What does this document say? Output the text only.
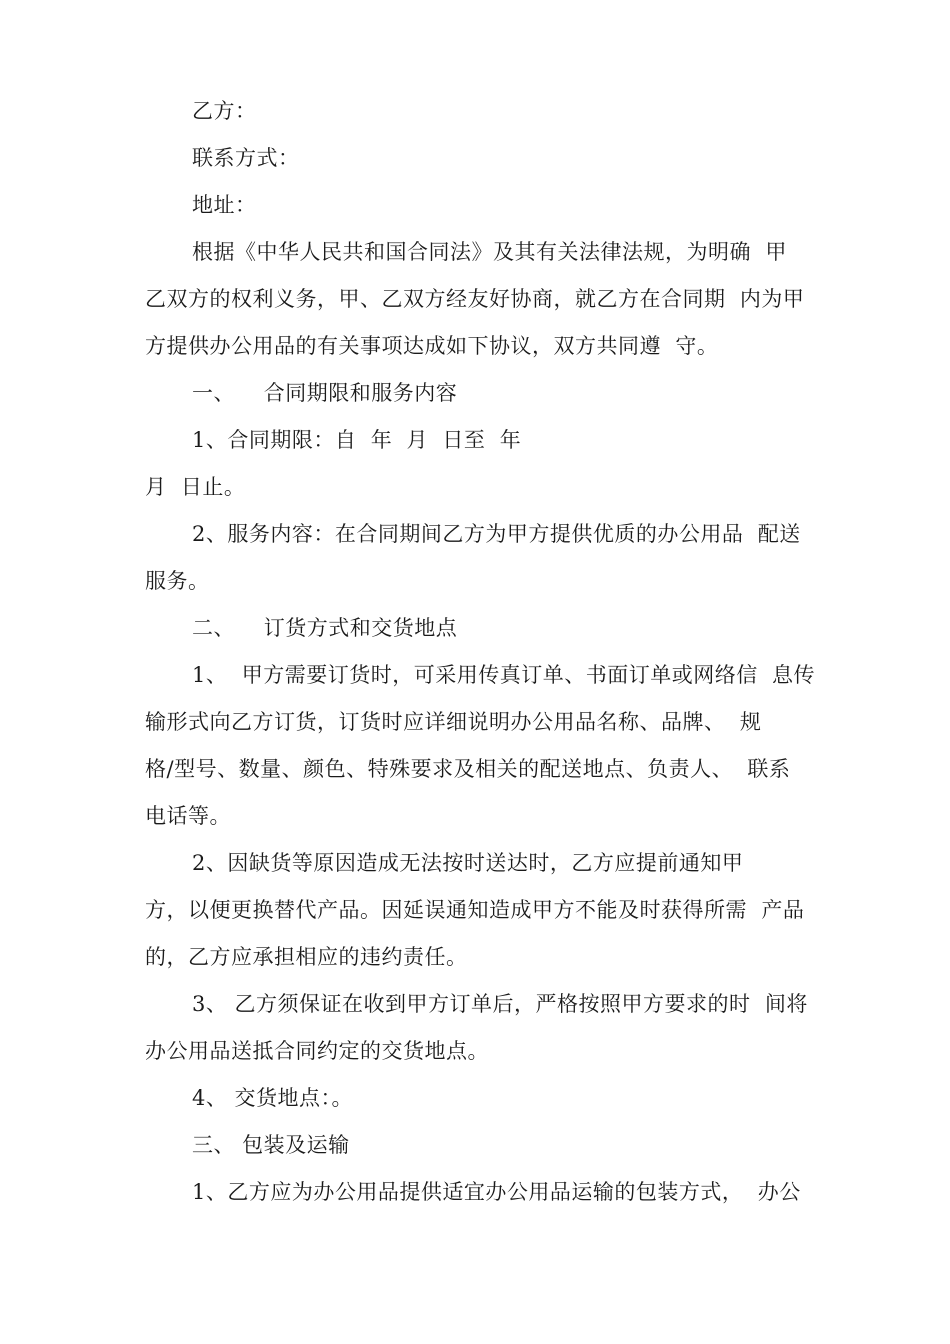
乙方：
联系方式：
地址：
根据《中华人民共和国合同法》及其有关法律法规，为明确  甲
乙双方的权利义务，甲、乙双方经友好协商，就乙方在合同期  内为甲
方提供办公用品的有关事项达成如下协议，双方共同遵  守。
一、    合同期限和服务内容
1、合同期限：自  年  月  日至  年
月  日止。
2、服务内容：在合同期间乙方为甲方提供优质的办公用品  配送
服务。
二、    订货方式和交货地点
1、  甲方需要订货时，可采用传真订单、书面订单或网络信  息传
输形式向乙方订货，订货时应详细说明办公用品名称、品牌、  规
格/型号、数量、颜色、特殊要求及相关的配送地点、负责人、  联系
电话等。
2、因缺货等原因造成无法按时送达时，乙方应提前通知甲
方，以便更换替代产品。因延误通知造成甲方不能及时获得所需  产品
的，乙方应承担相应的违约责任。
3、 乙方须保证在收到甲方订单后，严格按照甲方要求的时  间将
办公用品送抵合同约定的交货地点。
4、 交货地点：。
三、 包装及运输
1、乙方应为办公用品提供适宜办公用品运输的包装方式，  办公
